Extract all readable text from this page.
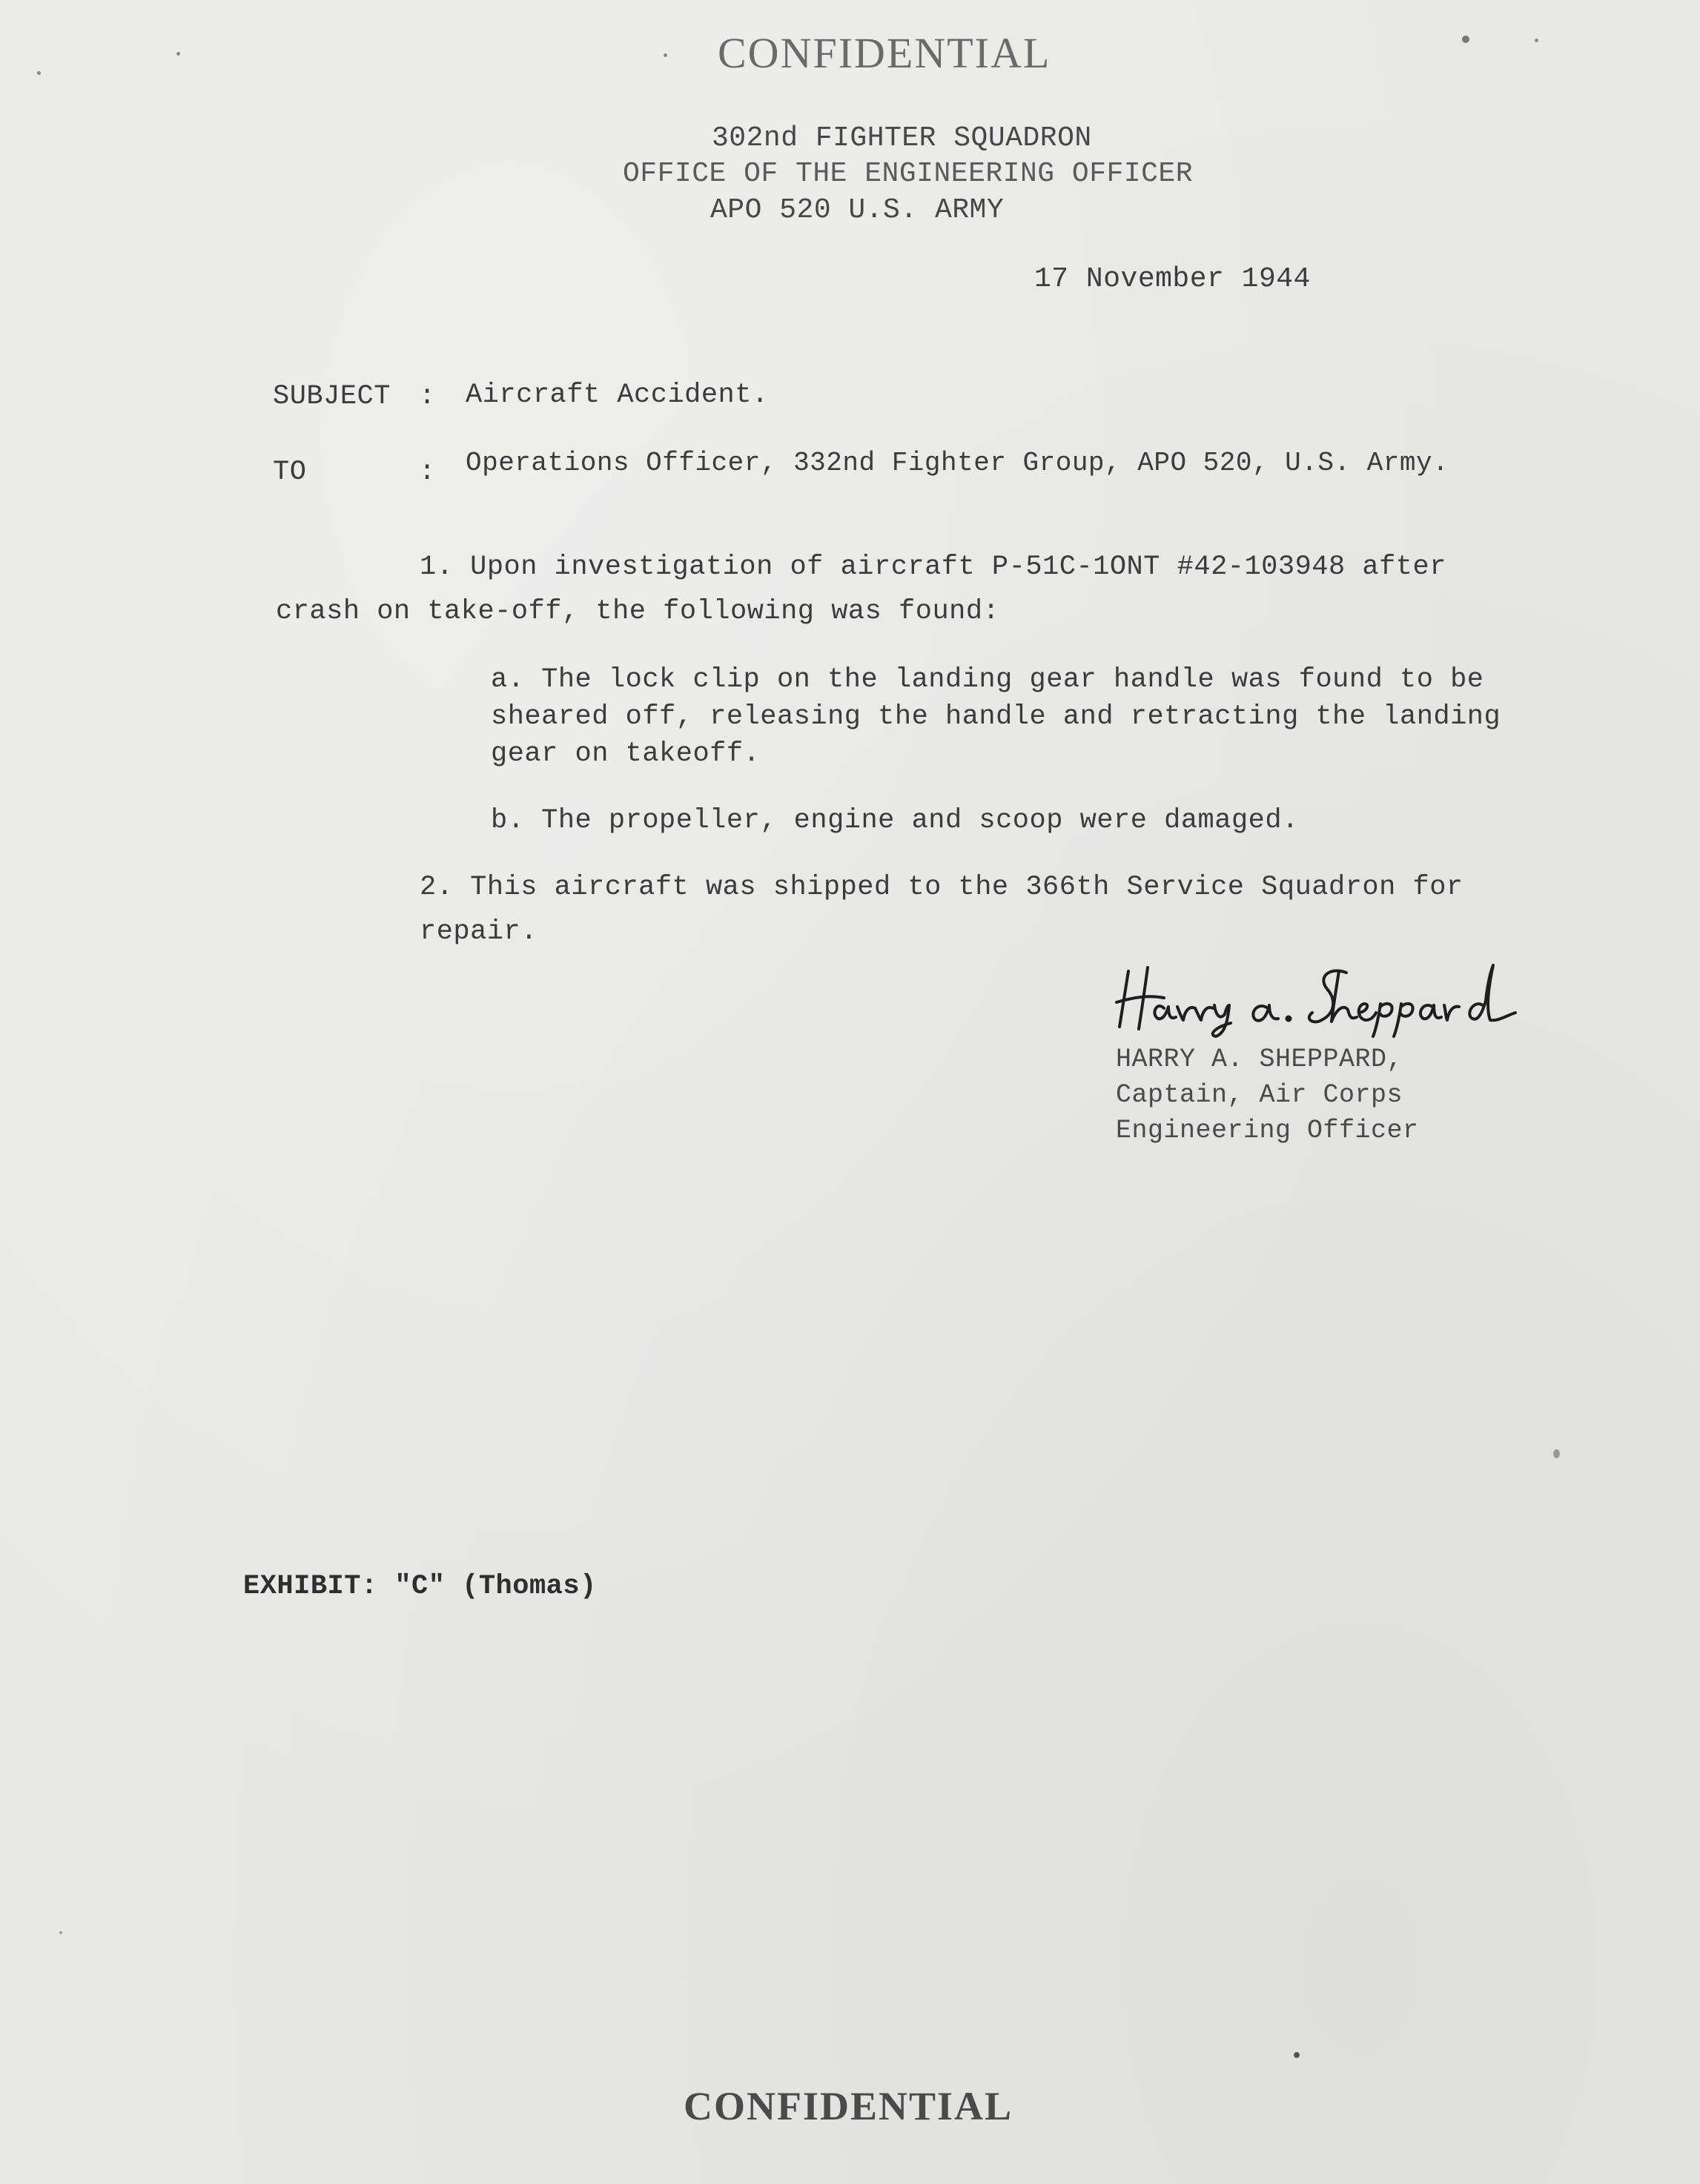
CONFIDENTIAL
302nd FIGHTER SQUADRON
OFFICE OF THE ENGINEERING OFFICER
APO 520 U.S. ARMY
17 November 1944
SUBJECT : Aircraft Accident.
TO	: Operations Officer, 332nd Fighter Group, APO 520, U.S. Army.
1. Upon investigation of aircraft P-51C-1ONT #42-103948 after
crash on take-off, the following was found:
a. The lock clip on the landing gear handle was found to be
sheared off, releasing the handle and retracting the landing
gear on takeoff.
b. The propeller, engine and scoop were damaged.
2. This aircraft was shipped to the 366th Service Squadron for
repair.
HARRY A. SHEPPARD,
Captain, Air Corps
Engineering Officer
EXHIBIT: "C" (Thomas)
CONFIDENTIAL
